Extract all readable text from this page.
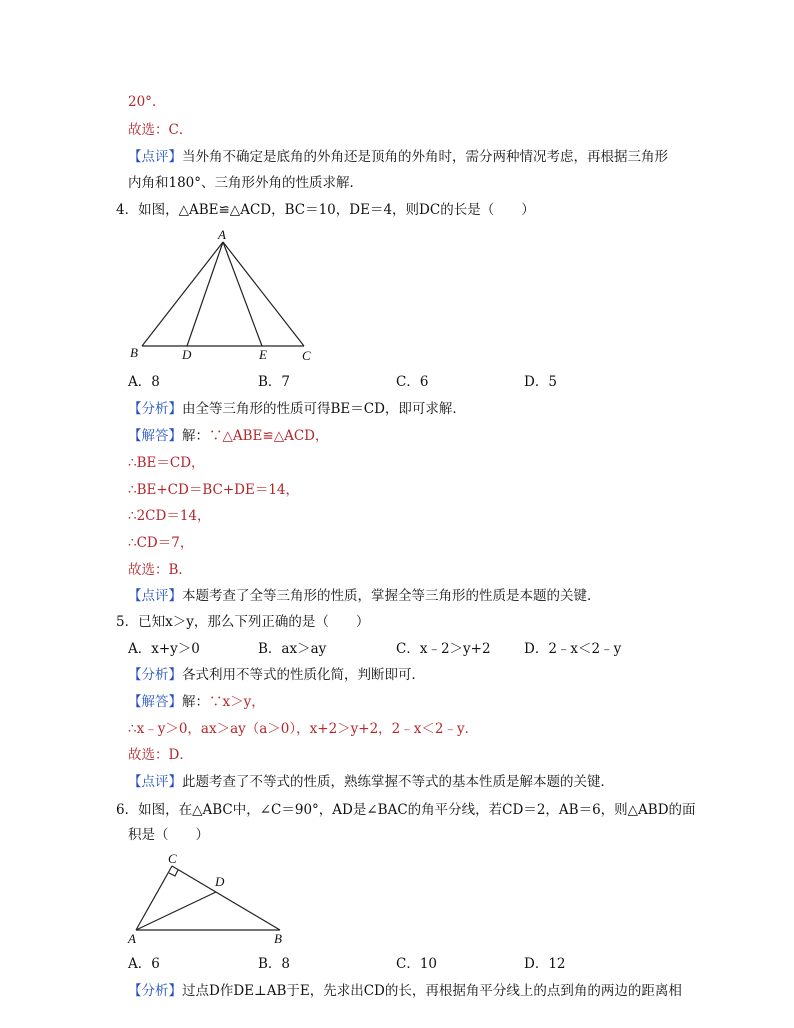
20°.
故选：C．
【点评】当外角不确定是底角的外角还是顶角的外角时，需分两种情况考虑，再根据三角形
内角和180°、三角形外角的性质求解．
4．如图，△ABE≌△ACD，BC＝10，DE＝4，则DC的长是（　　）
A
B	D	E	C
A．8	B．7	C．6	D．5
【分析】由全等三角形的性质可得BE＝CD，即可求解．
【解答】解：∵△ABE≌△ACD，
∴BE＝CD，
∴BE+CD＝BC+DE＝14，
∴2CD＝14，
∴CD＝7，
故选：B．
【点评】本题考查了全等三角形的性质，掌握全等三角形的性质是本题的关键．
5．已知x＞y，那么下列正确的是（　　）
A．x+y＞0	B．ax＞ay	C．x﹣2＞y+2 D．2﹣x＜2﹣y
【分析】各式利用不等式的性质化简，判断即可．
【解答】解：∵x＞y，
∴x﹣y＞0，ax＞ay（a＞0），x+2＞y+2，2﹣x＜2﹣y．
故选：D．
【点评】此题考查了不等式的性质，熟练掌握不等式的基本性质是解本题的关键．
6．如图，在△ABC中，∠C＝90°，AD是∠BAC的角平分线，若CD＝2，AB＝6，则△ABD的面
积是（　　）
C
D
A	B
A．6	B．8	C．10	D．12
【分析】过点D作DE⊥AB于E，先求出CD的长，再根据角平分线上的点到角的两边的距离相
